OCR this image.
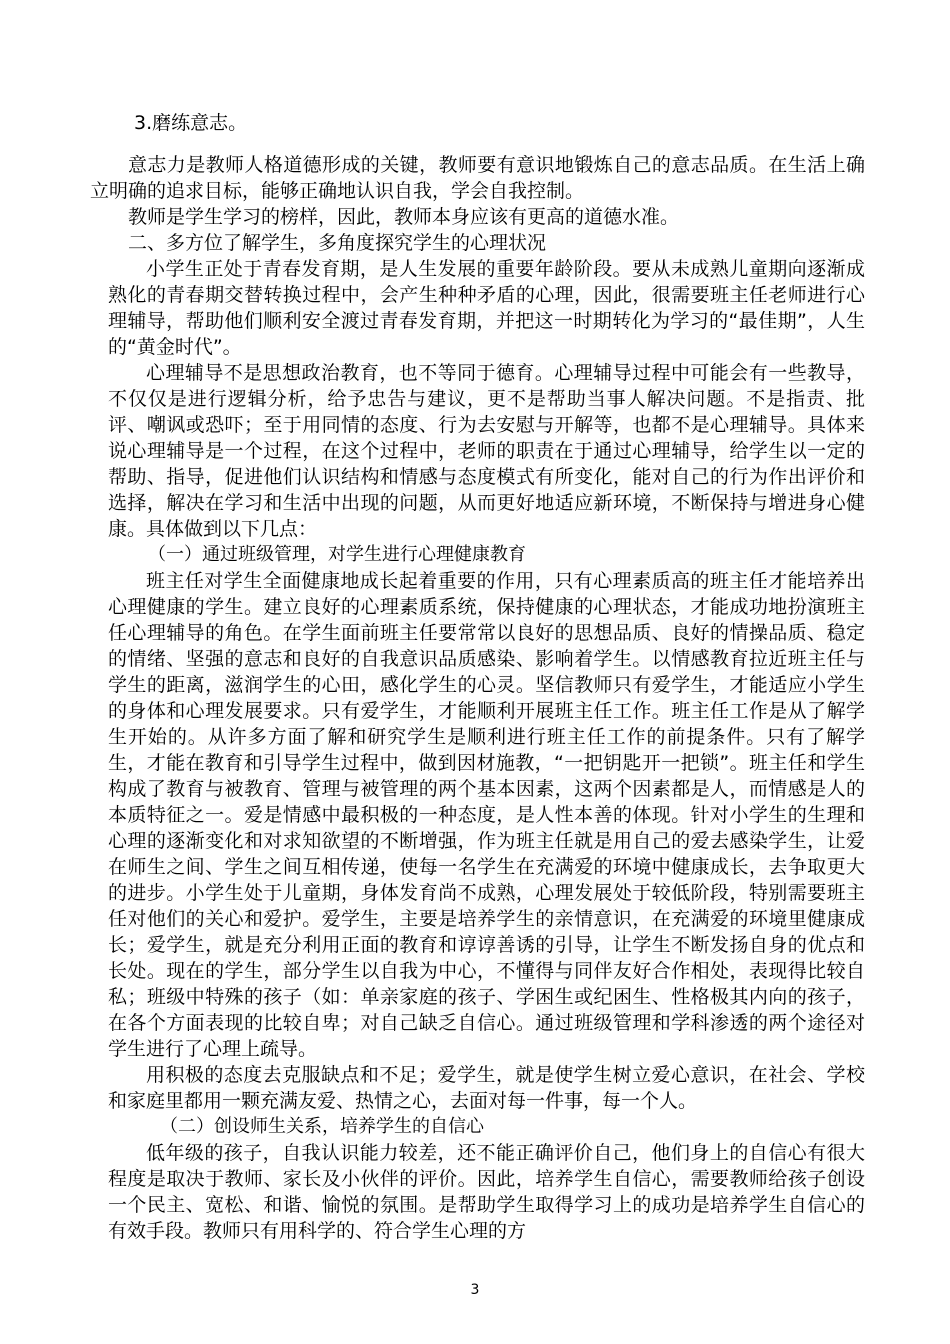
3.磨练意志。

意志力是教师人格道德形成的关键，教师要有意识地锻炼自己的意志品质。在生活上确立明确的追求目标，能够正确地认识自我，学会自我控制。

教师是学生学习的榜样，因此，教师本身应该有更高的道德水准。

二、多方位了解学生，多角度探究学生的心理状况

小学生正处于青春发育期，是人生发展的重要年龄阶段。要从未成熟儿童期向逐渐成熟化的青春期交替转换过程中，会产生种种矛盾的心理，因此，很需要班主任老师进行心理辅导，帮助他们顺利安全渡过青春发育期，并把这一时期转化为学习的“最佳期”，人生的“黄金时代”。

心理辅导不是思想政治教育，也不等同于德育。心理辅导过程中可能会有一些教导，不仅仅是进行逻辑分析，给予忠告与建议，更不是帮助当事人解决问题。不是指责、批评、嘲讽或恐吓；至于用同情的态度、行为去安慰与开解等，也都不是心理辅导。具体来说心理辅导是一个过程，在这个过程中，老师的职责在于通过心理辅导，给学生以一定的帮助、指导，促进他们认识结构和情感与态度模式有所变化，能对自己的行为作出评价和选择，解决在学习和生活中出现的问题，从而更好地适应新环境，不断保持与增进身心健康。具体做到以下几点：

（一）通过班级管理，对学生进行心理健康教育

班主任对学生全面健康地成长起着重要的作用，只有心理素质高的班主任才能培养出心理健康的学生。建立良好的心理素质系统，保持健康的心理状态，才能成功地扮演班主任心理辅导的角色。在学生面前班主任要常常以良好的思想品质、良好的情操品质、稳定的情绪、坚强的意志和良好的自我意识品质感染、影响着学生。以情感教育拉近班主任与学生的距离，滋润学生的心田，感化学生的心灵。坚信教师只有爱学生，才能适应小学生的身体和心理发展要求。只有爱学生，才能顺利开展班主任工作。班主任工作是从了解学生开始的。从许多方面了解和研究学生是顺利进行班主任工作的前提条件。只有了解学生，才能在教育和引导学生过程中，做到因材施教，“一把钥匙开一把锁”。班主任和学生构成了教育与被教育、管理与被管理的两个基本因素，这两个因素都是人，而情感是人的本质特征之一。爱是情感中最积极的一种态度，是人性本善的体现。针对小学生的生理和心理的逐渐变化和对求知欲望的不断增强，作为班主任就是用自己的爱去感染学生，让爱在师生之间、学生之间互相传递，使每一名学生在充满爱的环境中健康成长，去争取更大的进步。小学生处于儿童期，身体发育尚不成熟，心理发展处于较低阶段，特别需要班主任对他们的关心和爱护。爱学生，主要是培养学生的亲情意识，在充满爱的环境里健康成长；爱学生，就是充分利用正面的教育和谆谆善诱的引导，让学生不断发扬自身的优点和长处。现在的学生，部分学生以自我为中心，不懂得与同伴友好合作相处，表现得比较自私；班级中特殊的孩子（如：单亲家庭的孩子、学困生或纪困生、性格极其内向的孩子，在各个方面表现的比较自卑；对自己缺乏自信心。通过班级管理和学科渗透的两个途径对学生进行了心理上疏导。

用积极的态度去克服缺点和不足；爱学生，就是使学生树立爱心意识，在社会、学校和家庭里都用一颗充满友爱、热情之心，去面对每一件事，每一个人。

（二）创设师生关系，培养学生的自信心

低年级的孩子，自我认识能力较差，还不能正确评价自己，他们身上的自信心有很大程度是取决于教师、家长及小伙伴的评价。因此，培养学生自信心，需要教师给孩子创设一个民主、宽松、和谐、愉悦的氛围。是帮助学生取得学习上的成功是培养学生自信心的有效手段。教师只有用科学的、符合学生心理的方

3
